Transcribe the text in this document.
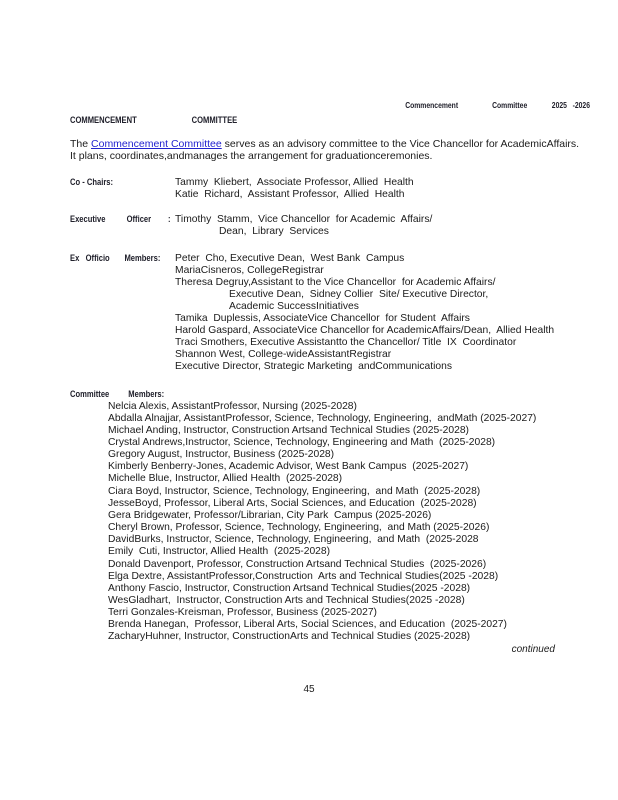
Commencement                  Committee             2025   -2026
COMMENCEMENT                          COMMITTEE

The Commencement Committee serves as an advisory committee to the Vice Chancellor for AcademicAffairs.
It plans, coordinates,andmanages the arrangement for graduationceremonies.

Co - Chairs:	Tammy  Kliebert,  Associate Professor, Allied  Health
Katie  Richard,  Assistant Professor,  Allied  Health
Executive          Officer        : Timothy  Stamm,  Vice Chancellor  for Academic  Affairs/
Dean,  Library  Services
Ex   Officio       Members:	Peter  Cho, Executive Dean,  West Bank  Campus
MariaCisneros, CollegeRegistrar
Theresa Degruy,Assistant to the Vice Chancellor  for Academic Affairs/
Executive Dean,  Sidney Collier  Site/ Executive Director,
Academic SuccessInitiatives
Tamika  Duplessis, AssociateVice Chancellor  for Student  Affairs
Harold Gaspard, AssociateVice Chancellor for AcademicAffairs/Dean,  Allied Health
Traci Smothers, Executive Assistantto the Chancellor/ Title  IX  Coordinator
Shannon West, College-wideAssistantRegistrar
Executive Director, Strategic Marketing  andCommunications
Committee         Members:
Nelcia Alexis, AssistantProfessor, Nursing (2025-2028)
Abdalla Alnajjar, AssistantProfessor, Science, Technology, Engineering,  andMath (2025-2027)
Michael Anding, Instructor, Construction Artsand Technical Studies (2025-2028)
Crystal Andrews,Instructor, Science, Technology, Engineering and Math  (2025-2028)
Gregory August, Instructor, Business (2025-2028)
Kimberly Benberry-Jones, Academic Advisor, West Bank Campus  (2025-2027)
Michelle Blue, Instructor, Allied Health  (2025-2028)
Ciara Boyd, Instructor, Science, Technology, Engineering,  and Math  (2025-2028)
JesseBoyd, Professor, Liberal Arts, Social Sciences, and Education  (2025-2028)
Gera Bridgewater, Professor/Librarian, City Park  Campus (2025-2026)
Cheryl Brown, Professor, Science, Technology, Engineering,  and Math (2025-2026)
DavidBurks, Instructor, Science, Technology, Engineering,  and Math  (2025-2028
Emily  Cuti, Instructor, Allied Health  (2025-2028)
Donald Davenport, Professor, Construction Artsand Technical Studies  (2025-2026)
Elga Dextre, AssistantProfessor,Construction  Arts and Technical Studies(2025 -2028)
Anthony Fascio, Instructor, Construction Artsand Technical Studies(2025 -2028)
WesGladhart,  Instructor, Construction Arts and Technical Studies(2025 -2028)
Terri Gonzales-Kreisman, Professor, Business (2025-2027)
Brenda Hanegan,  Professor, Liberal Arts, Social Sciences, and Education  (2025-2027)
ZacharyHuhner, Instructor, ConstructionArts and Technical Studies (2025-2028)
continued
45
